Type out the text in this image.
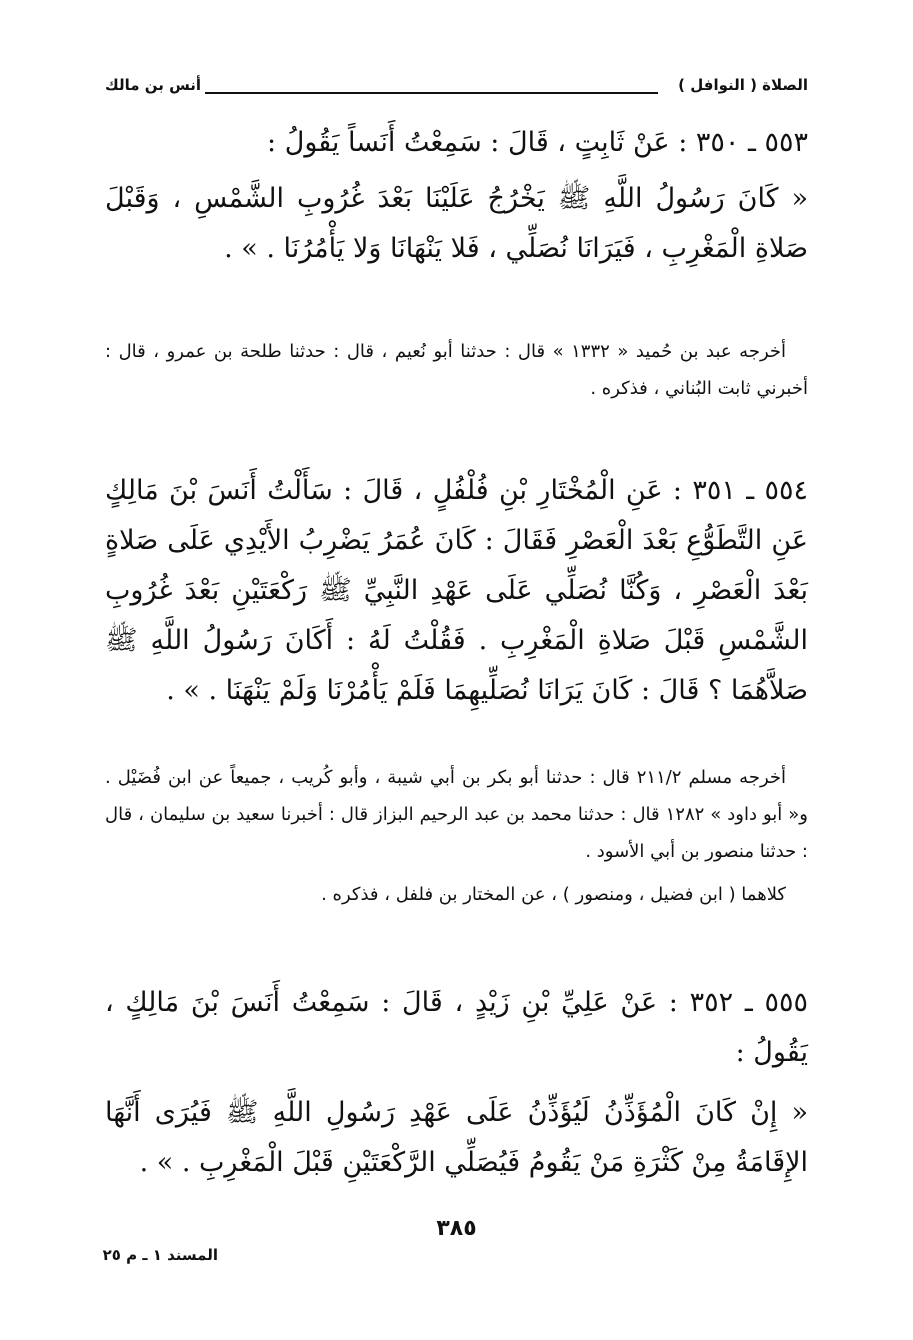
الصلاة ( النوافل )
أنس بن مالك

٥٥٣ ـ ٣٥٠ : عَنْ ثَابِتٍ ، قَالَ : سَمِعْتُ أَنَساً يَقُولُ :

« كَانَ رَسُولُ اللَّهِ ﷺ يَخْرُجُ عَلَيْنَا بَعْدَ غُرُوبِ الشَّمْسِ ، وَقَبْلَ صَلاةِ الْمَغْرِبِ ، فَيَرَانَا نُصَلِّي ، فَلا يَنْهَانَا وَلا يَأْمُرُنَا . » .

أخرجه عبد بن حُميد « ١٣٣٢ » قال : حدثنا أبو نُعيم ، قال : حدثنا طلحة بن عمرو ، قال : أخبرني ثابت البُناني ، فذكره .

٥٥٤ ـ ٣٥١ : عَنِ الْمُخْتَارِ بْنِ فُلْفُلٍ ، قَالَ : سَأَلْتُ أَنَسَ بْنَ مَالِكٍ عَنِ التَّطَوُّعِ بَعْدَ الْعَصْرِ فَقَالَ : كَانَ عُمَرُ يَضْرِبُ الأَيْدِي عَلَى صَلاةٍ بَعْدَ الْعَصْرِ ، وَكُنَّا نُصَلِّي عَلَى عَهْدِ النَّبِيِّ ﷺ رَكْعَتَيْنِ بَعْدَ غُرُوبِ الشَّمْسِ قَبْلَ صَلاةِ الْمَغْرِبِ . فَقُلْتُ لَهُ : أَكَانَ رَسُولُ اللَّهِ ﷺ صَلاَّهُمَا ؟ قَالَ : كَانَ يَرَانَا نُصَلِّيهِمَا فَلَمْ يَأْمُرْنَا وَلَمْ يَنْهَنَا . » .

أخرجه مسلم ٢١١/٢ قال : حدثنا أبو بكر بن أبي شيبة ، وأبو كُريب ، جميعاً عن ابن فُضَيْل . و« أبو داود » ١٢٨٢ قال : حدثنا محمد بن عبد الرحيم البزاز قال : أخبرنا سعيد بن سليمان ، قال : حدثنا منصور بن أبي الأسود .

كلاهما ( ابن فضيل ، ومنصور ) ، عن المختار بن فلفل ، فذكره .

٥٥٥ ـ ٣٥٢ : عَنْ عَلِيِّ بْنِ زَيْدٍ ، قَالَ : سَمِعْتُ أَنَسَ بْنَ مَالِكٍ ، يَقُولُ :

« إِنْ كَانَ الْمُؤَذِّنُ لَيُؤَذِّنُ عَلَى عَهْدِ رَسُولِ اللَّهِ ﷺ فَيُرَى أَنَّهَا الإِقَامَةُ مِنْ كَثْرَةِ مَنْ يَقُومُ فَيُصَلِّي الرَّكْعَتَيْنِ قَبْلَ الْمَغْرِبِ . » .

٣٨٥
المسند ١ ـ م ٢٥
